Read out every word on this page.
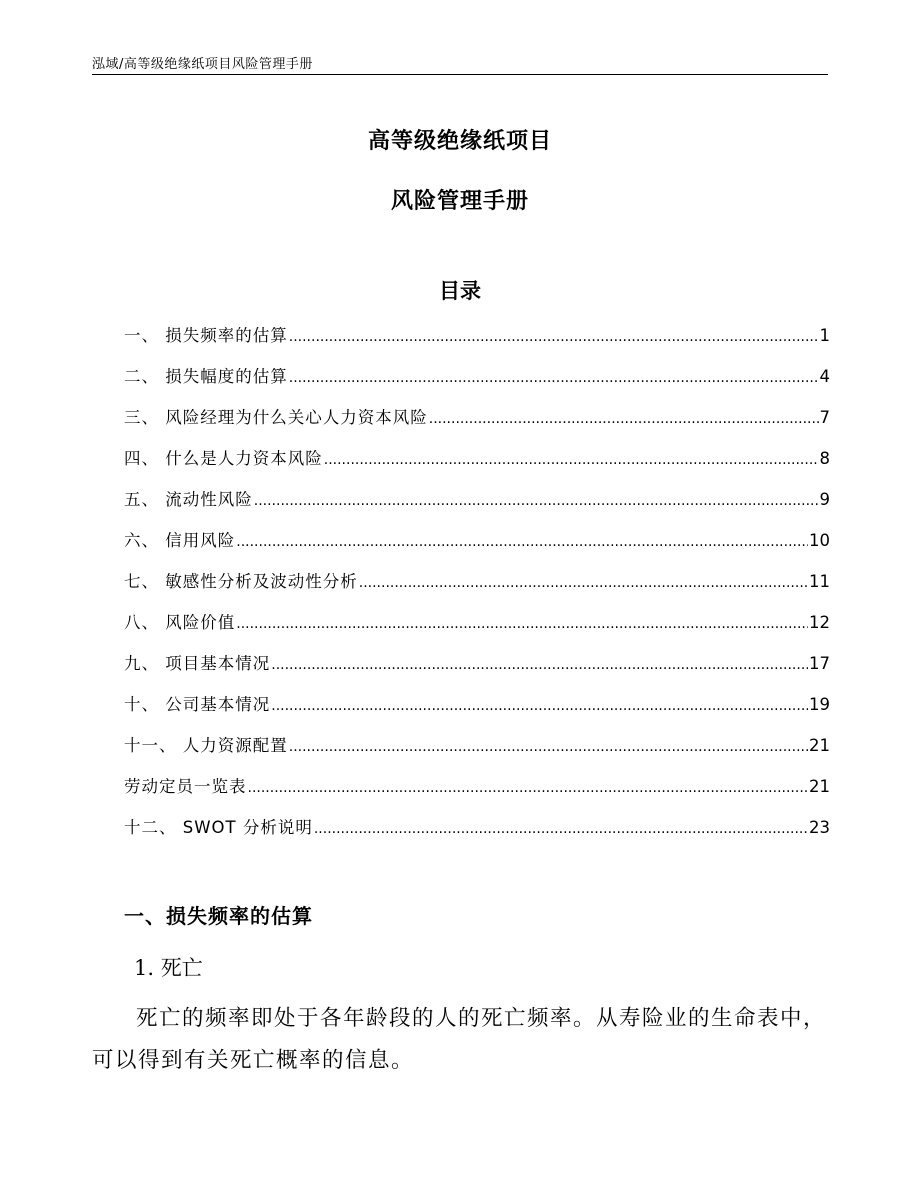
泓域/高等级绝缘纸项目风险管理手册
高等级绝缘纸项目
风险管理手册
目录
一、 损失频率的估算 .....	1
二、 损失幅度的估算 .....	4
三、 风险经理为什么关心人力资本风险 .....	7
四、 什么是人力资本风险 .....	8
五、 流动性风险 .....	9
六、 信用风险 .....	10
七、 敏感性分析及波动性分析 .....	11
八、 风险价值 .....	12
九、 项目基本情况 .....	17
十、 公司基本情况 .....	19
十一、 人力资源配置 .....	21
劳动定员一览表 .....	21
十二、 SWOT 分析说明 .....	23
一、损失频率的估算
1. 死亡

死亡的频率即处于各年龄段的人的死亡频率。从寿险业的生命表中，可以得到有关死亡概率的信息。
